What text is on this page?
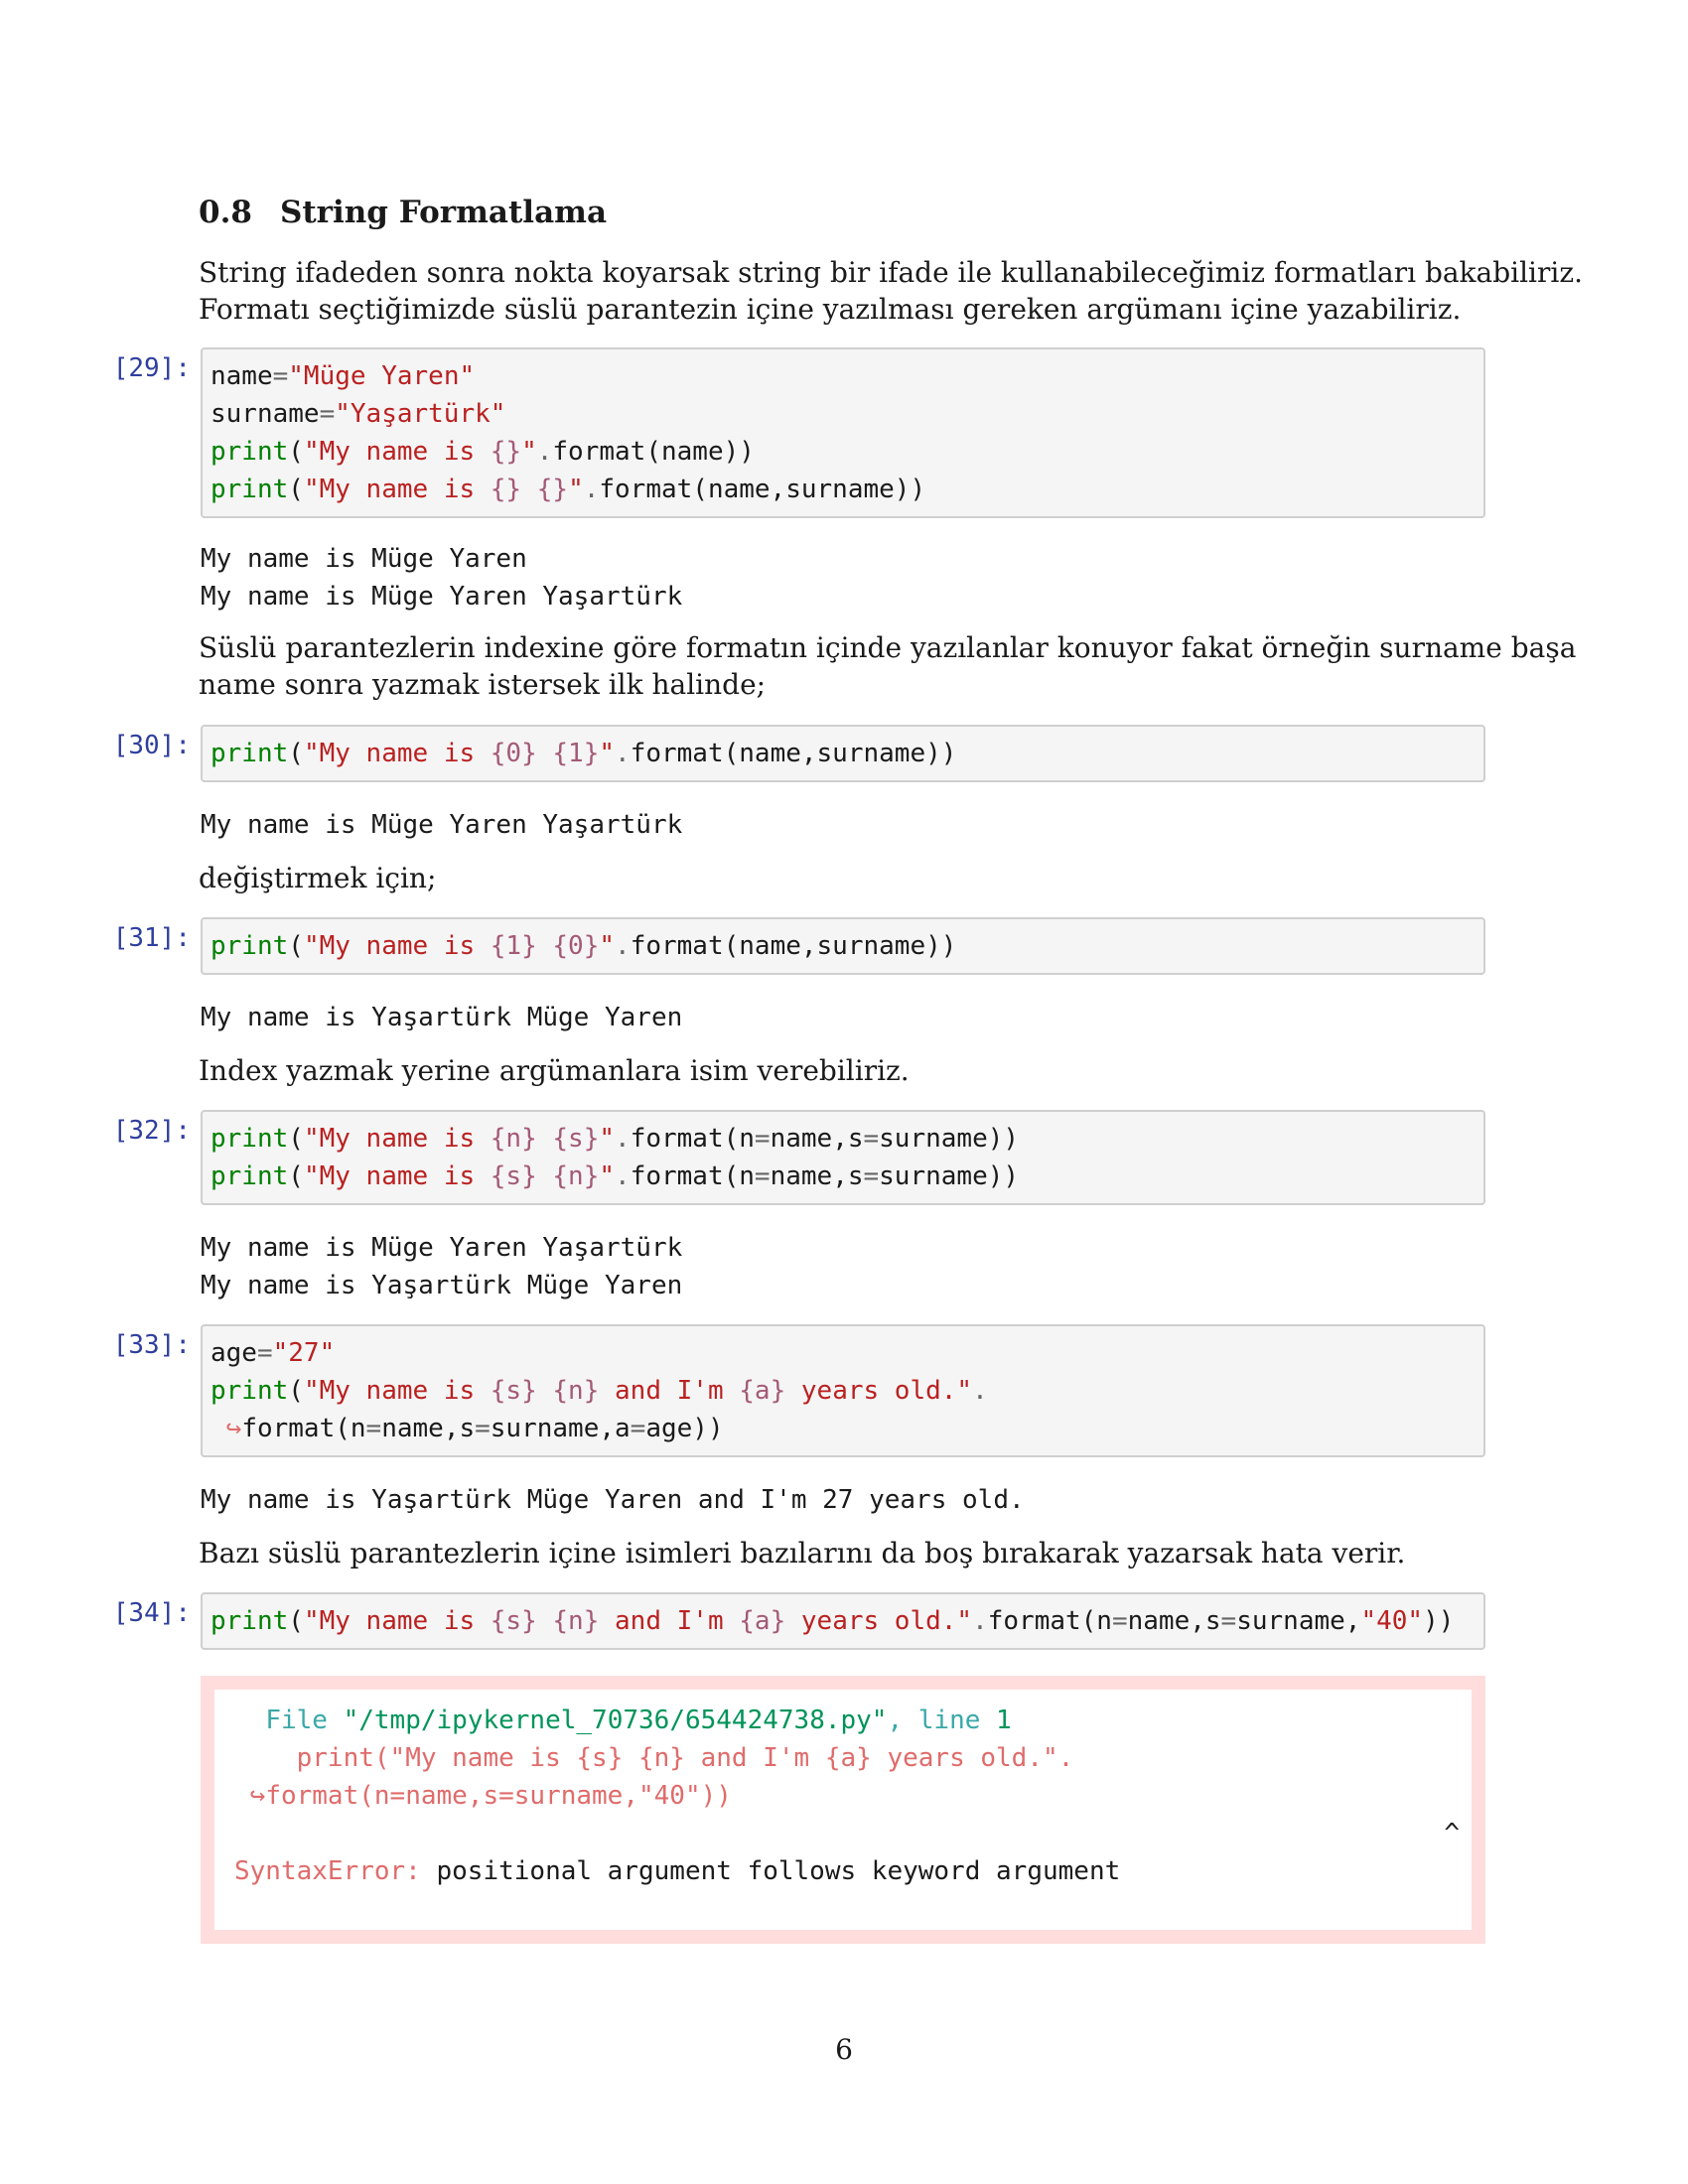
0.8 String Formatlama
String ifadeden sonra nokta koyarsak string bir ifade ile kullanabileceğimiz formatları bakabiliriz.
Formatı seçtiğimizde süslü parantezin içine yazılması gereken argümanı içine yazabiliriz.
[29]: name="Müge Yaren"
surname="Yaşartürk"
print("My name is {}".format(name))
print("My name is {} {}".format(name,surname))
My name is Müge Yaren
My name is Müge Yaren Yaşartürk
Süslü parantezlerin indexine göre formatın içinde yazılanlar konuyor fakat örneğin surname başa
name sonra yazmak istersek ilk halinde;
[30]: print("My name is {0} {1}".format(name,surname))
My name is Müge Yaren Yaşartürk
değiştirmek için;
[31]: print("My name is {1} {0}".format(name,surname))
My name is Yaşartürk Müge Yaren
Index yazmak yerine argümanlara isim verebiliriz.
[32]: print("My name is {n} {s}".format(n=name,s=surname))
print("My name is {s} {n}".format(n=name,s=surname))
My name is Müge Yaren Yaşartürk
My name is Yaşartürk Müge Yaren
[33]: age="27"
print("My name is {s} {n} and I'm {a} years old.".
↪format(n=name,s=surname,a=age))
My name is Yaşartürk Müge Yaren and I'm 27 years old.
Bazı süslü parantezlerin içine isimleri bazılarını da boş bırakarak yazarsak hata verir.
[34]: print("My name is {s} {n} and I'm {a} years old.".format(n=name,s=surname,"40"))
File "/tmp/ipykernel_70736/654424738.py", line 1
print("My name is {s} {n} and I'm {a} years old.".
↪format(n=name,s=surname,"40"))

SyntaxError: positional argument follows keyword argument
^
6
